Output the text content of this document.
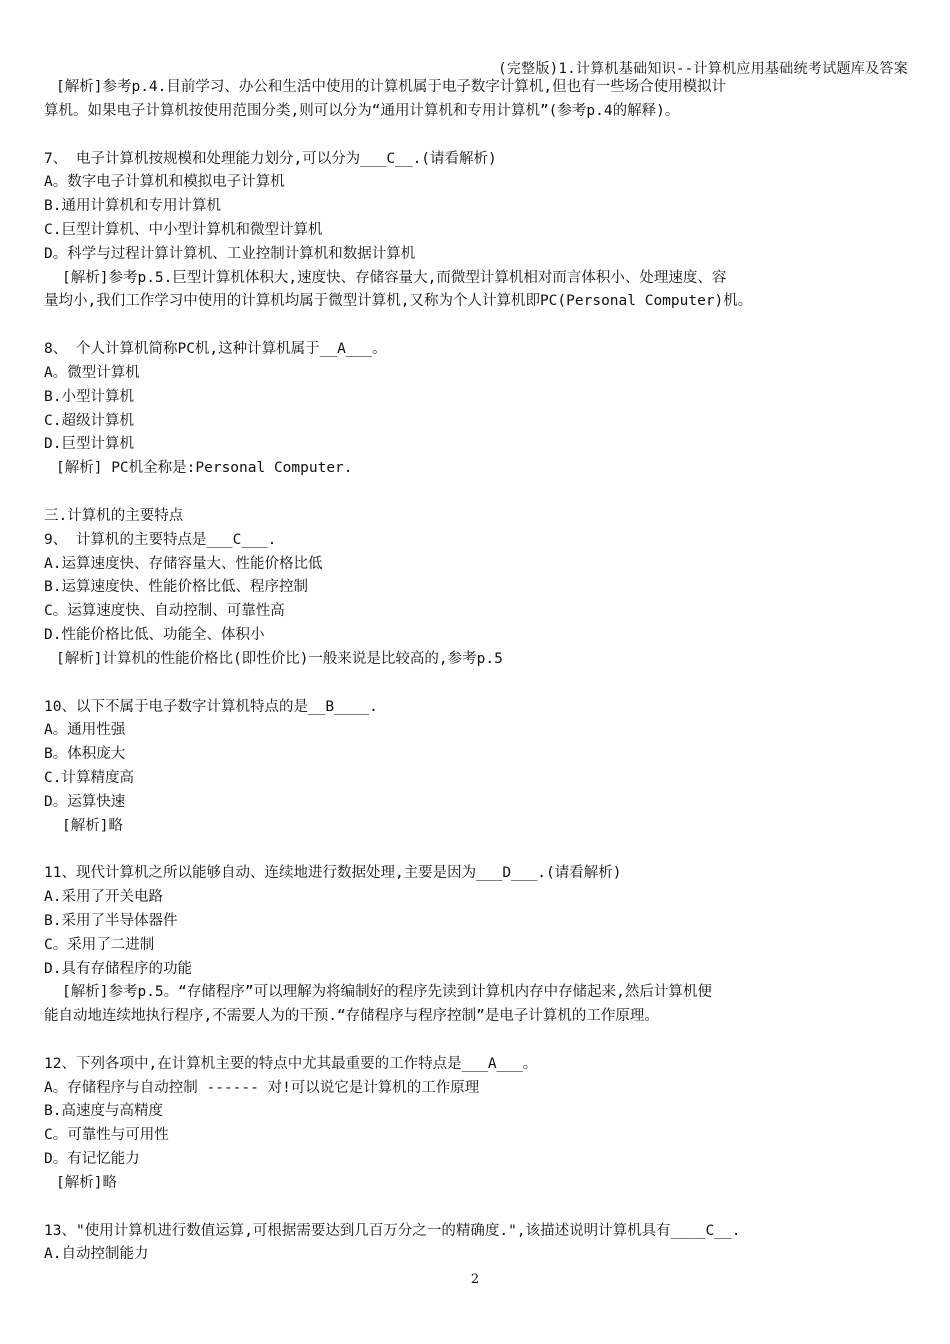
(完整版)1.计算机基础知识--计算机应用基础统考试题库及答案
[解析]参考p.4.目前学习、办公和生活中使用的计算机属于电子数字计算机,但也有一些场合使用模拟计
算机。如果电子计算机按使用范围分类,则可以分为“通用计算机和专用计算机”(参考p.4的解释)。
7、 电子计算机按规模和处理能力划分,可以分为___C__.(请看解析)
A。数字电子计算机和模拟电子计算机
B.通用计算机和专用计算机
C.巨型计算机、中小型计算机和微型计算机
D。科学与过程计算计算机、工业控制计算机和数据计算机
[解析]参考p.5.巨型计算机体积大,速度快、存储容量大,而微型计算机相对而言体积小、处理速度、容
量均小,我们工作学习中使用的计算机均属于微型计算机,又称为个人计算机即PC(Personal Computer)机。
8、 个人计算机简称PC机,这种计算机属于__A___。
A。微型计算机
B.小型计算机
C.超级计算机
D.巨型计算机
[解析] PC机全称是:Personal Computer.
三.计算机的主要特点
9、 计算机的主要特点是___C___.
A.运算速度快、存储容量大、性能价格比低
B.运算速度快、性能价格比低、程序控制
C。运算速度快、自动控制、可靠性高
D.性能价格比低、功能全、体积小
[解析]计算机的性能价格比(即性价比)一般来说是比较高的,参考p.5
10、以下不属于电子数字计算机特点的是__B____.
A。通用性强
B。体积庞大
C.计算精度高
D。运算快速
[解析]略
11、现代计算机之所以能够自动、连续地进行数据处理,主要是因为___D___.(请看解析)
A.采用了开关电路
B.采用了半导体器件
C。采用了二进制
D.具有存储程序的功能
[解析]参考p.5。“存储程序”可以理解为将编制好的程序先读到计算机内存中存储起来,然后计算机便
能自动地连续地执行程序,不需要人为的干预.“存储程序与程序控制”是电子计算机的工作原理。
12、下列各项中,在计算机主要的特点中尤其最重要的工作特点是___A___。
A。存储程序与自动控制 ------ 对!可以说它是计算机的工作原理
B.高速度与高精度
C。可靠性与可用性
D。有记忆能力
[解析]略
13、"使用计算机进行数值运算,可根据需要达到几百万分之一的精确度.",该描述说明计算机具有____C__.
A.自动控制能力
2
